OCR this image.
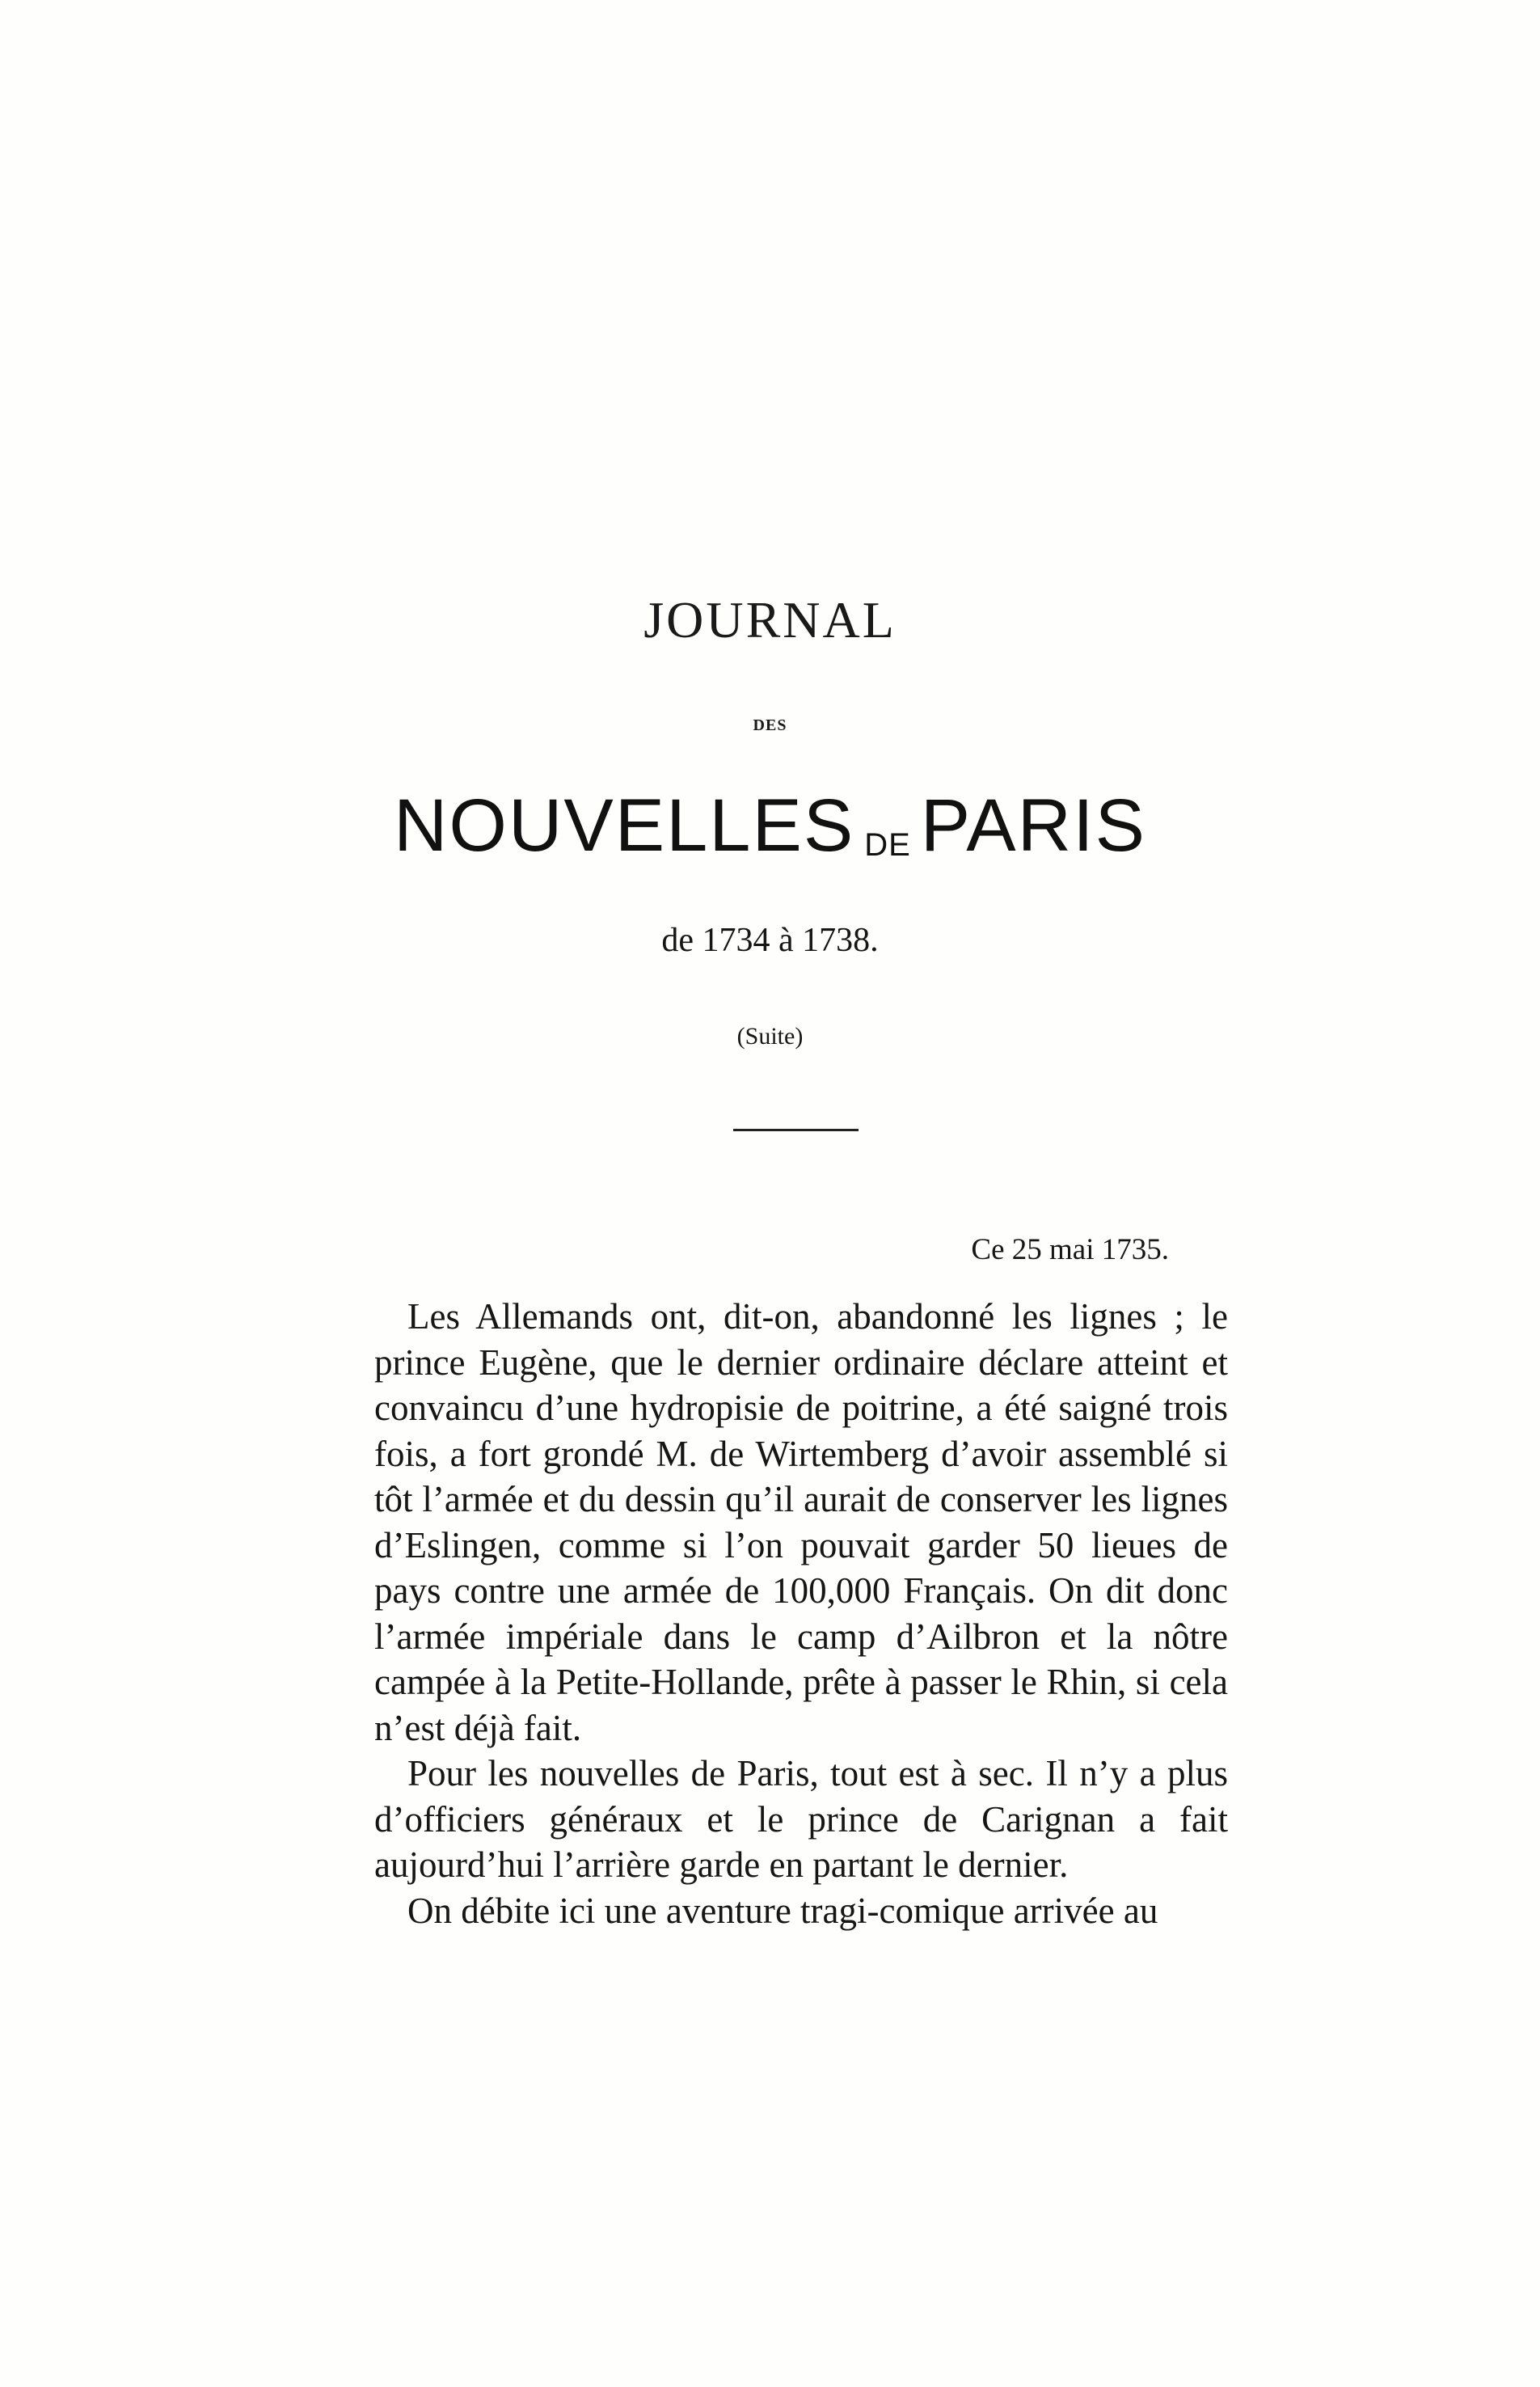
JOURNAL
DES
NOUVELLES DE PARIS
de 1734 à 1738.
(Suite)
Ce 25 mai 1735.

Les Allemands ont, dit-on, abandonné les lignes ; le prince Eugène, que le dernier ordinaire déclare atteint et convaincu d’une hydropisie de poitrine, a été saigné trois fois, a fort grondé M. de Wirtemberg d’avoir assemblé si tôt l’armée et du dessin qu’il aurait de conserver les lignes d’Eslingen, comme si l’on pouvait garder 50 lieues de pays contre une armée de 100,000 Français. On dit donc l’armée impériale dans le camp d’Ailbron et la nôtre campée à la Petite-Hollande, prête à passer le Rhin, si cela n’est déjà fait.

Pour les nouvelles de Paris, tout est à sec. Il n’y a plus d’officiers généraux et le prince de Carignan a fait aujourd’hui l’arrière garde en partant le dernier.

On débite ici une aventure tragi-comique arrivée au
